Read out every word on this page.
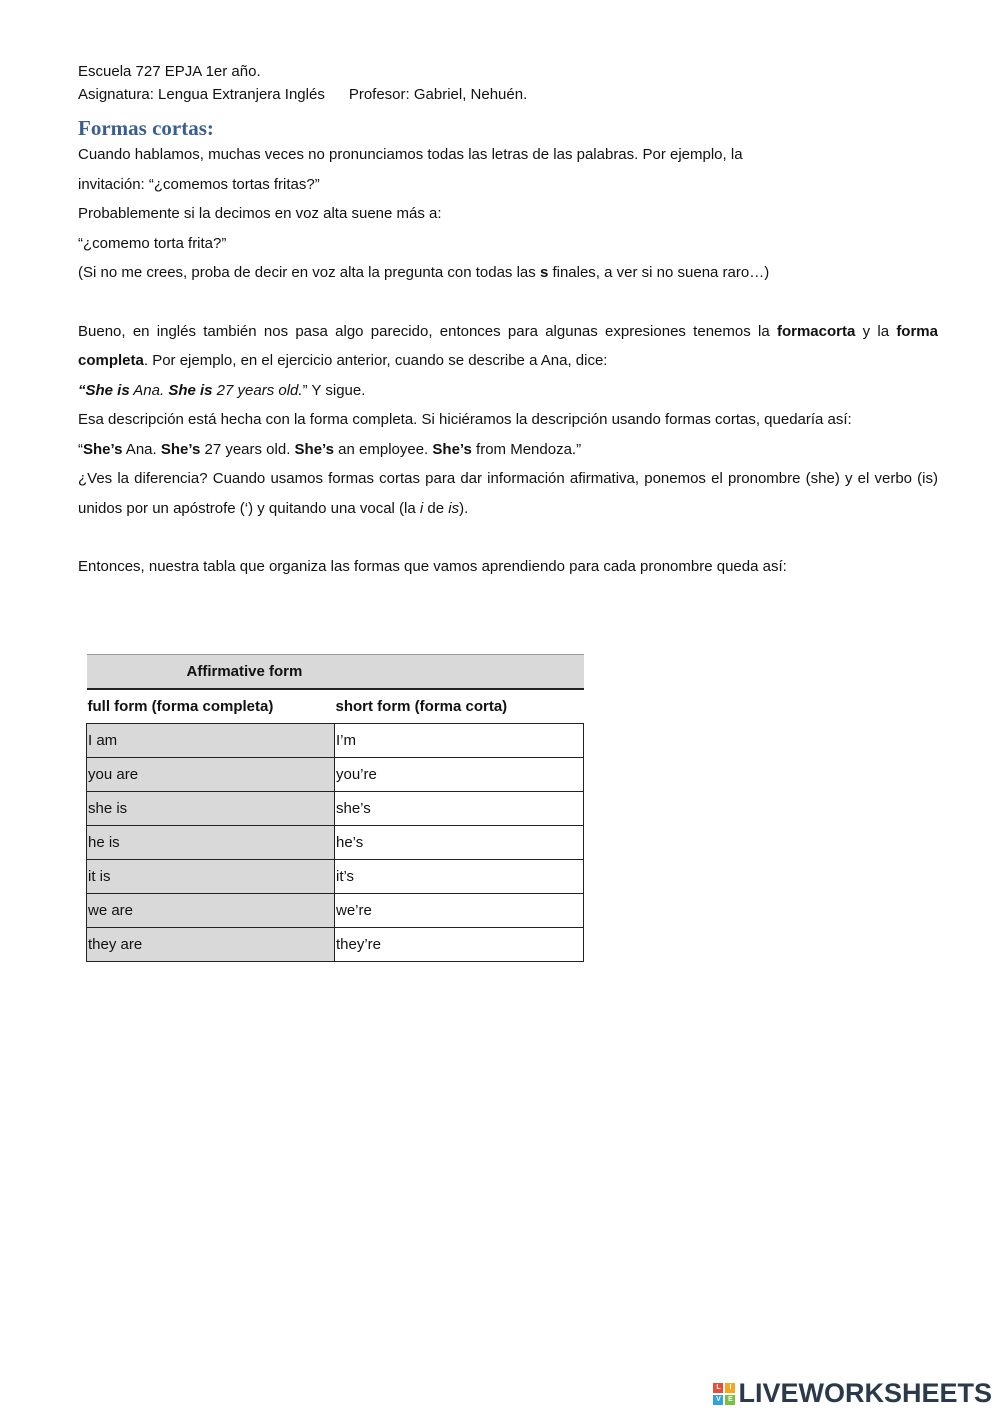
Escuela 727 EPJA 1er año.
Asignatura: Lengua Extranjera Inglés Profesor: Gabriel, Nehuén.
Formas cortas:

Cuando hablamos, muchas veces no pronunciamos todas las letras de las palabras. Por ejemplo, la

invitación: “¿comemos tortas fritas?”

Probablemente si la decimos en voz alta suene más a:

“¿comemo torta frita?”

(Si no me crees, proba de decir en voz alta la pregunta con todas las s finales, a ver si no suena raro…)

Bueno, en inglés también nos pasa algo parecido, entonces para algunas expresiones tenemos la formacorta y la forma completa. Por ejemplo, en el ejercicio anterior, cuando se describe a Ana, dice:

“She is Ana. She is 27 years old.” Y sigue.

Esa descripción está hecha con la forma completa. Si hiciéramos la descripción usando formas cortas, quedaría así:

“She’s Ana. She’s 27 years old. She’s an employee. She’s from Mendoza.”

¿Ves la diferencia? Cuando usamos formas cortas para dar información afirmativa, ponemos el pronombre (she) y el verbo (is) unidos por un apóstrofe (‘) y quitando una vocal (la i de is).

Entonces, nuestra tabla que organiza las formas que vamos aprendiendo para cada pronombre queda así:

Affirmative form	
full form (forma completa)	short form (forma corta)
I am	I’m
you are	you’re
she is	she’s
he is	he’s
it is	it’s
we are	we’re
they are	they’re
L	I
V	E LIVEWORKSHEETS
